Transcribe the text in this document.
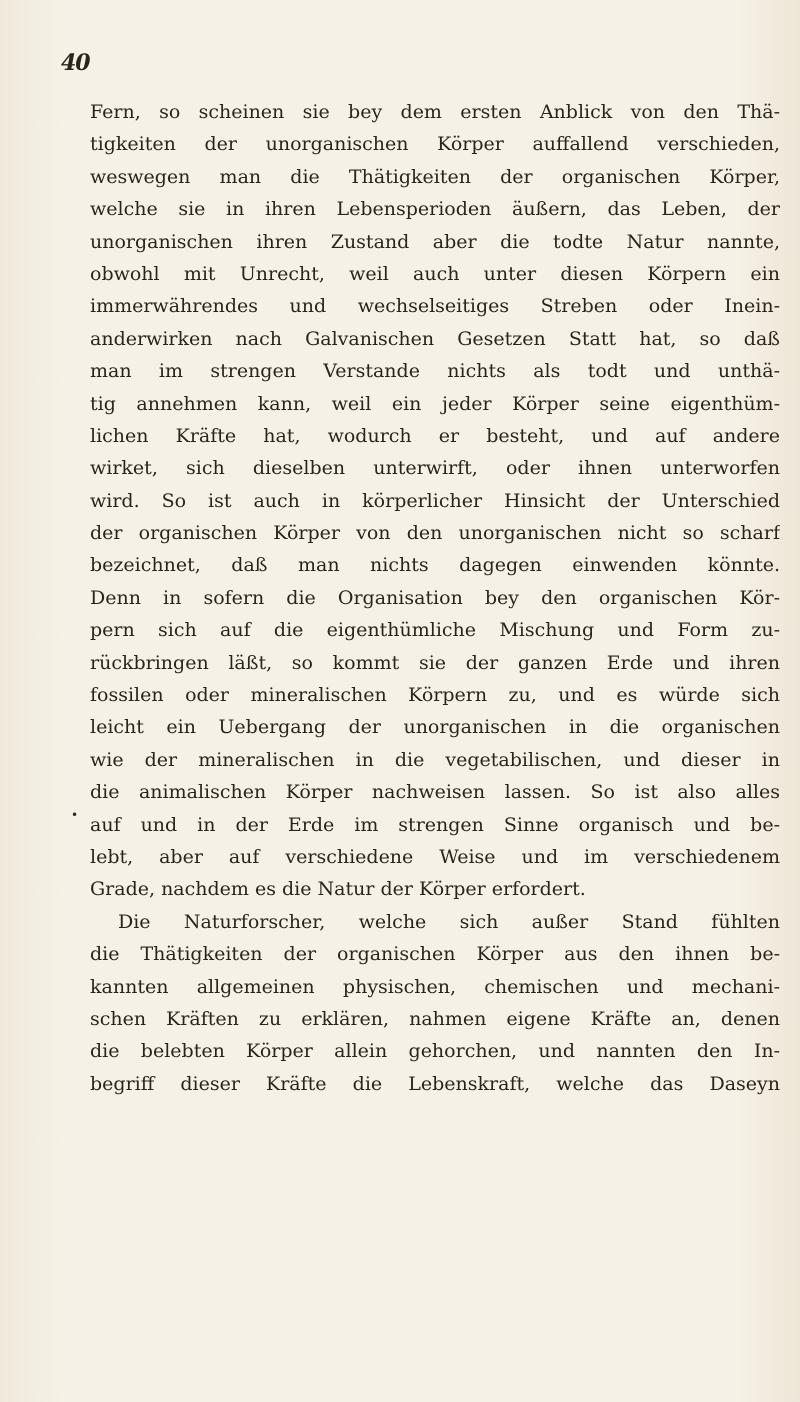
40
•
Fern, so scheinen sie bey dem ersten Anblick von den Thä-
tigkeiten der unorganischen Körper auffallend verschieden,
weswegen man die Thätigkeiten der organischen Körper,
welche sie in ihren Lebensperioden äußern, das Leben, der
unorganischen ihren Zustand aber die todte Natur nannte,
obwohl mit Unrecht, weil auch unter diesen Körpern ein
immerwährendes und wechselseitiges Streben oder Inein-
anderwirken nach Galvanischen Gesetzen Statt hat, so daß
man im strengen Verstande nichts als todt und unthä-
tig annehmen kann, weil ein jeder Körper seine eigenthüm-
lichen Kräfte hat, wodurch er besteht, und auf andere
wirket, sich dieselben unterwirft, oder ihnen unterworfen
wird. So ist auch in körperlicher Hinsicht der Unterschied
der organischen Körper von den unorganischen nicht so scharf
bezeichnet, daß man nichts dagegen einwenden könnte.
Denn in sofern die Organisation bey den organischen Kör-
pern sich auf die eigenthümliche Mischung und Form zu-
rückbringen läßt, so kommt sie der ganzen Erde und ihren
fossilen oder mineralischen Körpern zu, und es würde sich
leicht ein Uebergang der unorganischen in die organischen
wie der mineralischen in die vegetabilischen, und dieser in
die animalischen Körper nachweisen lassen. So ist also alles
auf und in der Erde im strengen Sinne organisch und be-
lebt, aber auf verschiedene Weise und im verschiedenem
Grade, nachdem es die Natur der Körper erfordert.
Die Naturforscher, welche sich außer Stand fühlten
die Thätigkeiten der organischen Körper aus den ihnen be-
kannten allgemeinen physischen, chemischen und mechani-
schen Kräften zu erklären, nahmen eigene Kräfte an, denen
die belebten Körper allein gehorchen, und nannten den In-
begriff dieser Kräfte die Lebenskraft, welche das Daseyn
